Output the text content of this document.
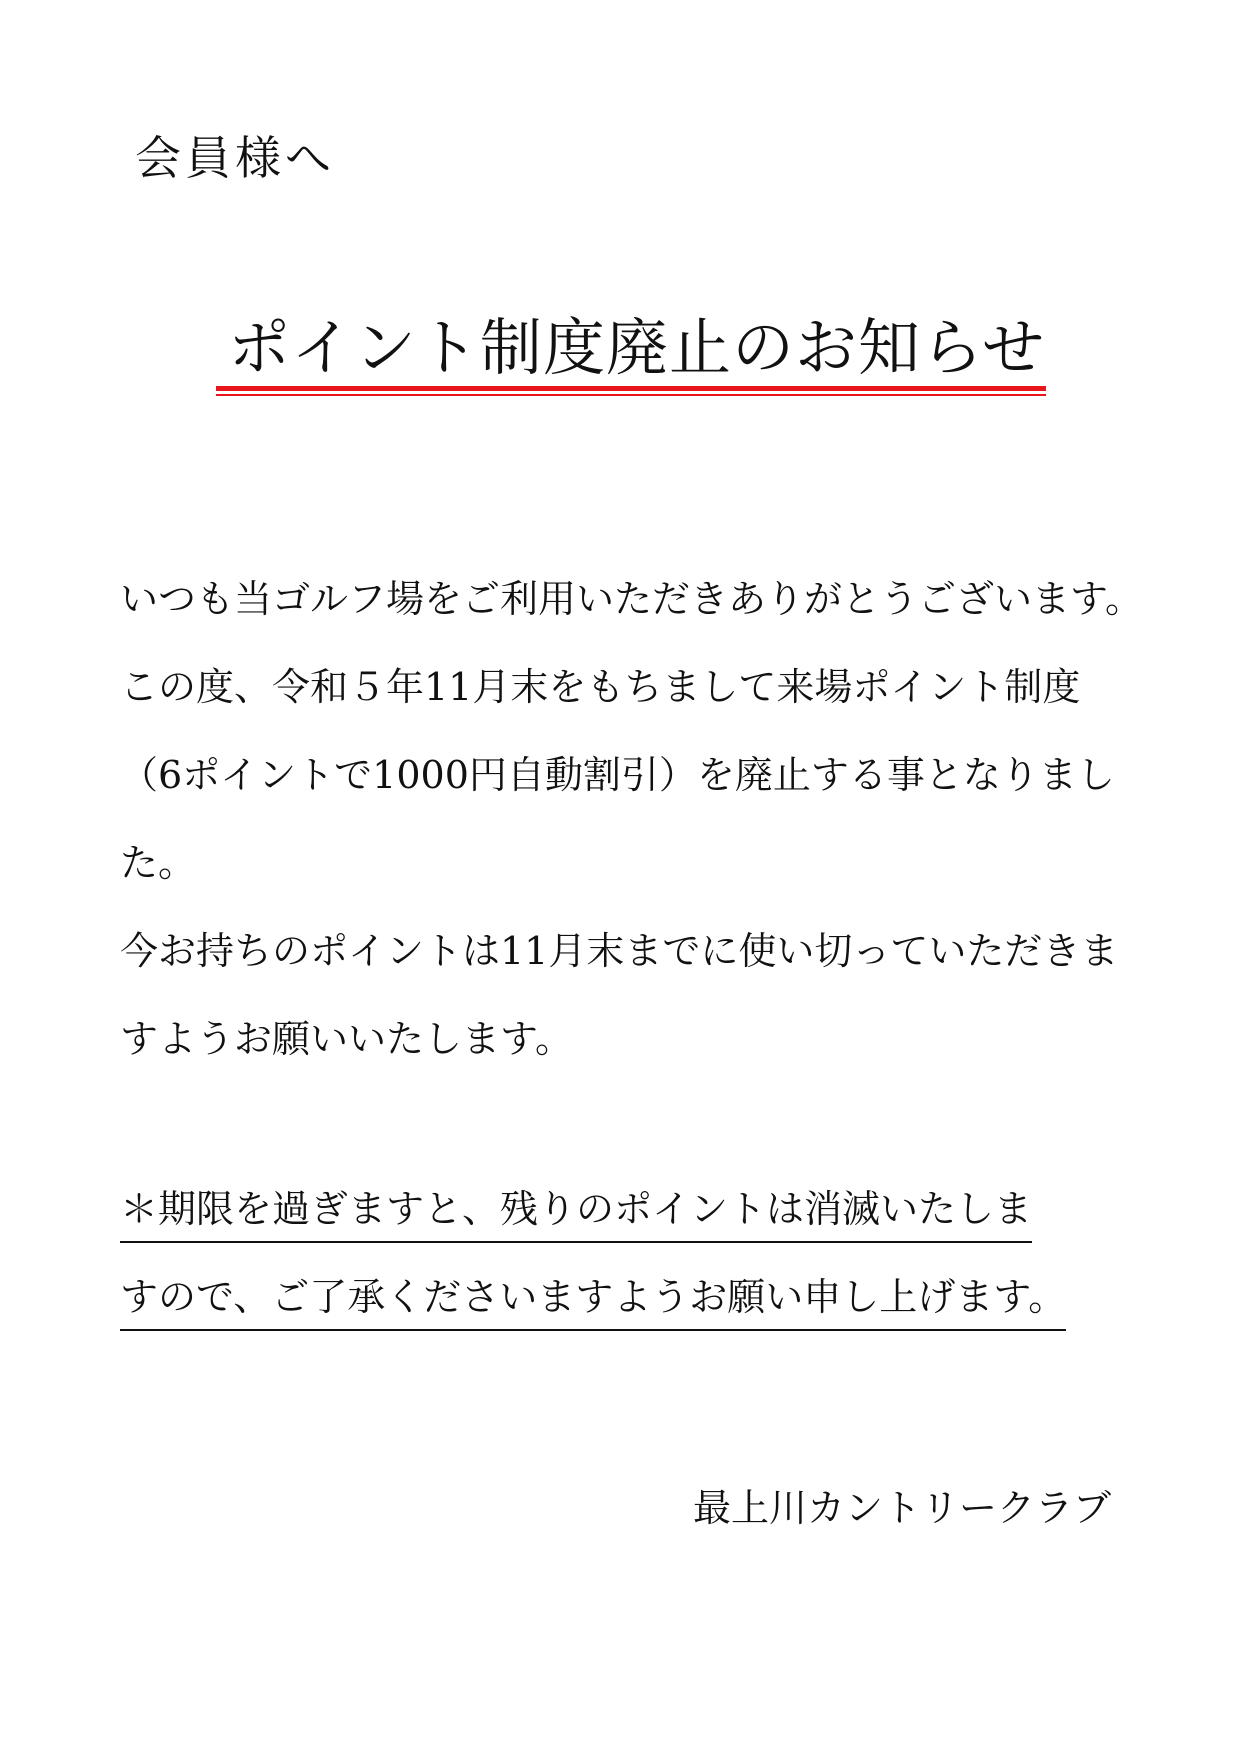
会員様へ
ポイント制度廃止のお知らせ
いつも当ゴルフ場をご利用いただきありがとうございます。
この度、令和５年11月末をもちまして来場ポイント制度
（6ポイントで1000円自動割引）を廃止する事となりまし
た。
今お持ちのポイントは11月末までに使い切っていただきま
すようお願いいたします。
＊期限を過ぎますと、残りのポイントは消滅いたしま
すので、ご了承くださいますようお願い申し上げます。
最上川カントリークラブ
